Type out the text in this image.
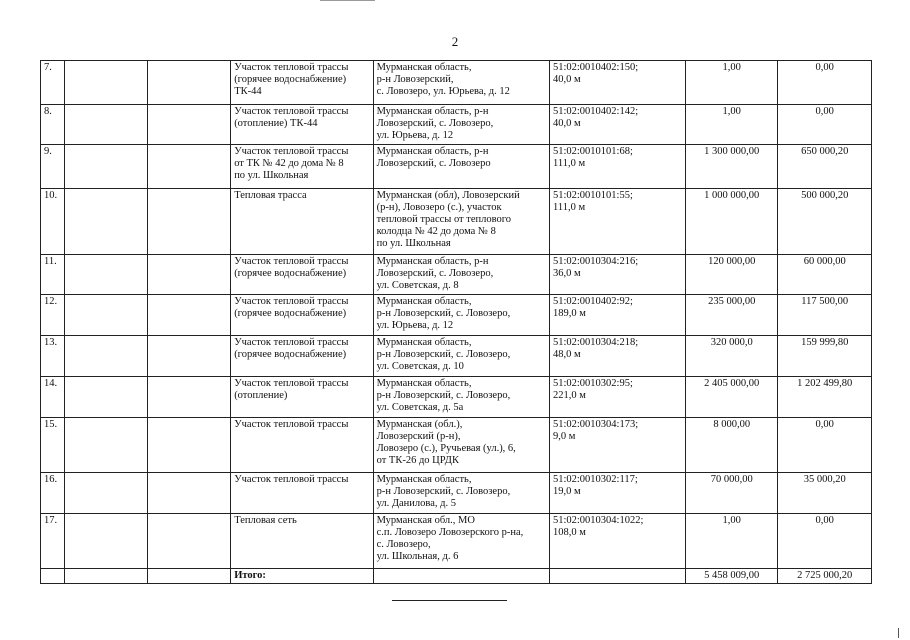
2
7.			Участок тепловой трассы
(горячее водоснабжение)
ТК-44	Мурманская область,
р-н Ловозерский,
с. Ловозеро, ул. Юрьева, д. 12	51:02:0010402:150;
40,0 м	1,00	0,00
8.			Участок тепловой трассы
(отопление) ТК-44	Мурманская область, р-н
Ловозерский, с. Ловозеро,
ул. Юрьева, д. 12	51:02:0010402:142;
40,0 м	1,00	0,00
9.			Участок тепловой трассы
от ТК № 42 до дома № 8
по ул. Школьная	Мурманская область, р-н
Ловозерский, с. Ловозеро	51:02:0010101:68;
111,0 м	1 300 000,00	650 000,20
10.			Тепловая трасса	Мурманская (обл), Ловозерский
(р-н), Ловозеро (с.), участок
тепловой трассы от теплового
колодца № 42 до дома № 8
по ул. Школьная	51:02:0010101:55;
111,0 м	1 000 000,00	500 000,20
11.			Участок тепловой трассы
(горячее водоснабжение)	Мурманская область, р-н
Ловозерский, с. Ловозеро,
ул. Советская, д. 8	51:02:0010304:216;
36,0 м	120 000,00	60 000,00
12.			Участок тепловой трассы
(горячее водоснабжение)	Мурманская область,
р-н Ловозерский, с. Ловозеро,
ул. Юрьева, д. 12	51:02:0010402:92;
189,0 м	235 000,00	117 500,00
13.			Участок тепловой трассы
(горячее водоснабжение)	Мурманская область,
р-н Ловозерский, с. Ловозеро,
ул. Советская, д. 10	51:02:0010304:218;
48,0 м	320 000,0	159 999,80
14.			Участок тепловой трассы
(отопление)	Мурманская область,
р-н Ловозерский, с. Ловозеро,
ул. Советская, д. 5а	51:02:0010302:95;
221,0 м	2 405 000,00	1 202 499,80
15.			Участок тепловой трассы	Мурманская (обл.),
Ловозерский (р-н),
Ловозеро (с.), Ручьевая (ул.), 6,
от ТК-26 до ЦРДК	51:02:0010304:173;
9,0 м	8 000,00	0,00
16.			Участок тепловой трассы	Мурманская область,
р-н Ловозерский, с. Ловозеро,
ул. Данилова, д. 5	51:02:0010302:117;
19,0 м	70 000,00	35 000,20
17.			Тепловая сеть	Мурманская обл., МО
с.п. Ловозеро Ловозерского р-на,
с. Ловозеро,
ул. Школьная, д. 6	51:02:0010304:1022;
108,0 м	1,00	0,00
			Итого:			5 458 009,00	2 725 000,20
